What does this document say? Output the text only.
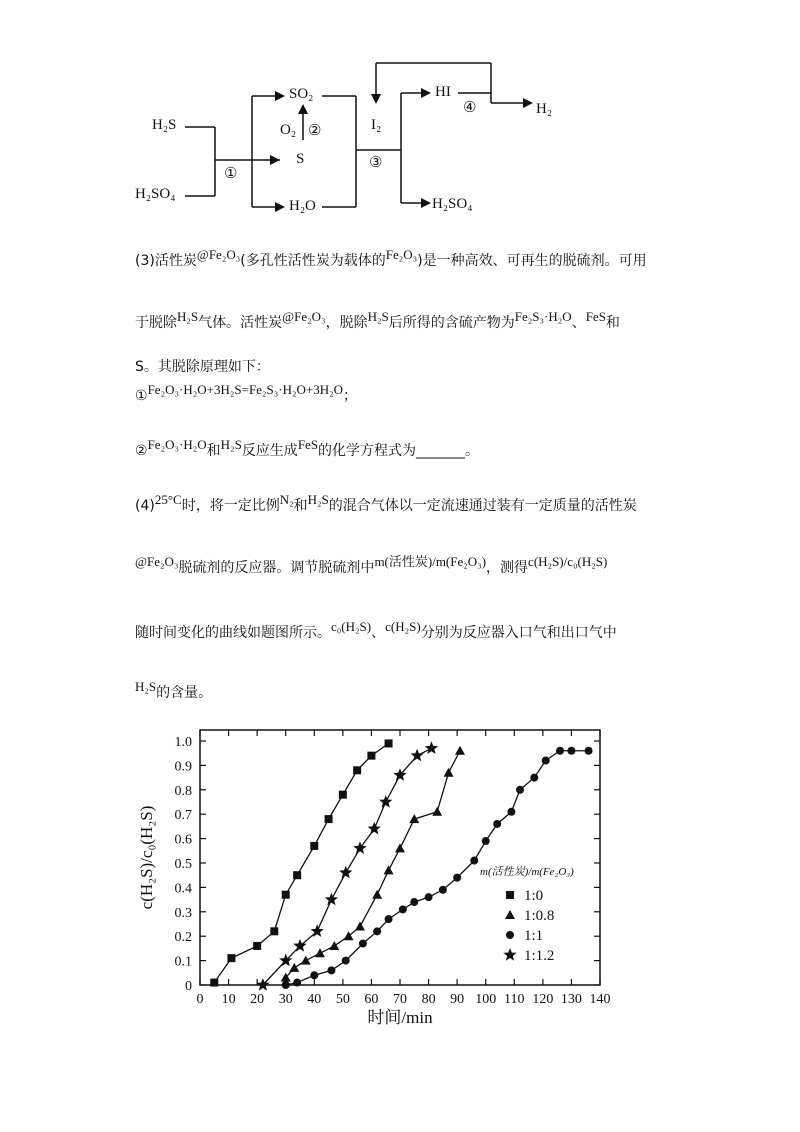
H₂S
H₂SO₄
①
SO₂
O₂ ②
S
H₂O
I₂
③
HI
④	H₂
H₂SO₄
(3)活性炭@Fe₂O₃(多孔性活性炭为载体的Fe₂O₃)是一种高效、可再生的脱硫剂。可用
于脱除H₂S气体。活性炭@Fe₂O₃，脱除H₂S后所得的含硫产物为Fe₂S₃·H₂O、FeS和
S。其脱除原理如下：
①Fe₂O₃·H₂O+3H₂S=Fe₂S₃·H₂O+3H₂O；
②Fe₂O₃·H₂O和H₂S反应生成FeS的化学方程式为_______。
(4)25°C时，将一定比例N₂和H₂S的混合气体以一定流速通过装有一定质量的活性炭
@Fe₂O₃脱硫剂的反应器。调节脱硫剂中m(活性炭)/m(Fe₂O₃)，测得c(H₂S)/c₀(H₂S)
随时间变化的曲线如题图所示。c₀(H₂S)、c(H₂S)分别为反应器入口气和出口气中
H₂S的含量。
0 10 20 30 40 50 60 70 80 90 100 110 120 130 140
0
0.1
0.2
0.3
0.4
0.5
0.6
0.7
0.8
0.9
1.0
时间/min
c(H₂S)/c₀(H₂S)	m(活性炭)/m(Fe₂O₃)
1:0
1:0.8
1:1
1:1.2
